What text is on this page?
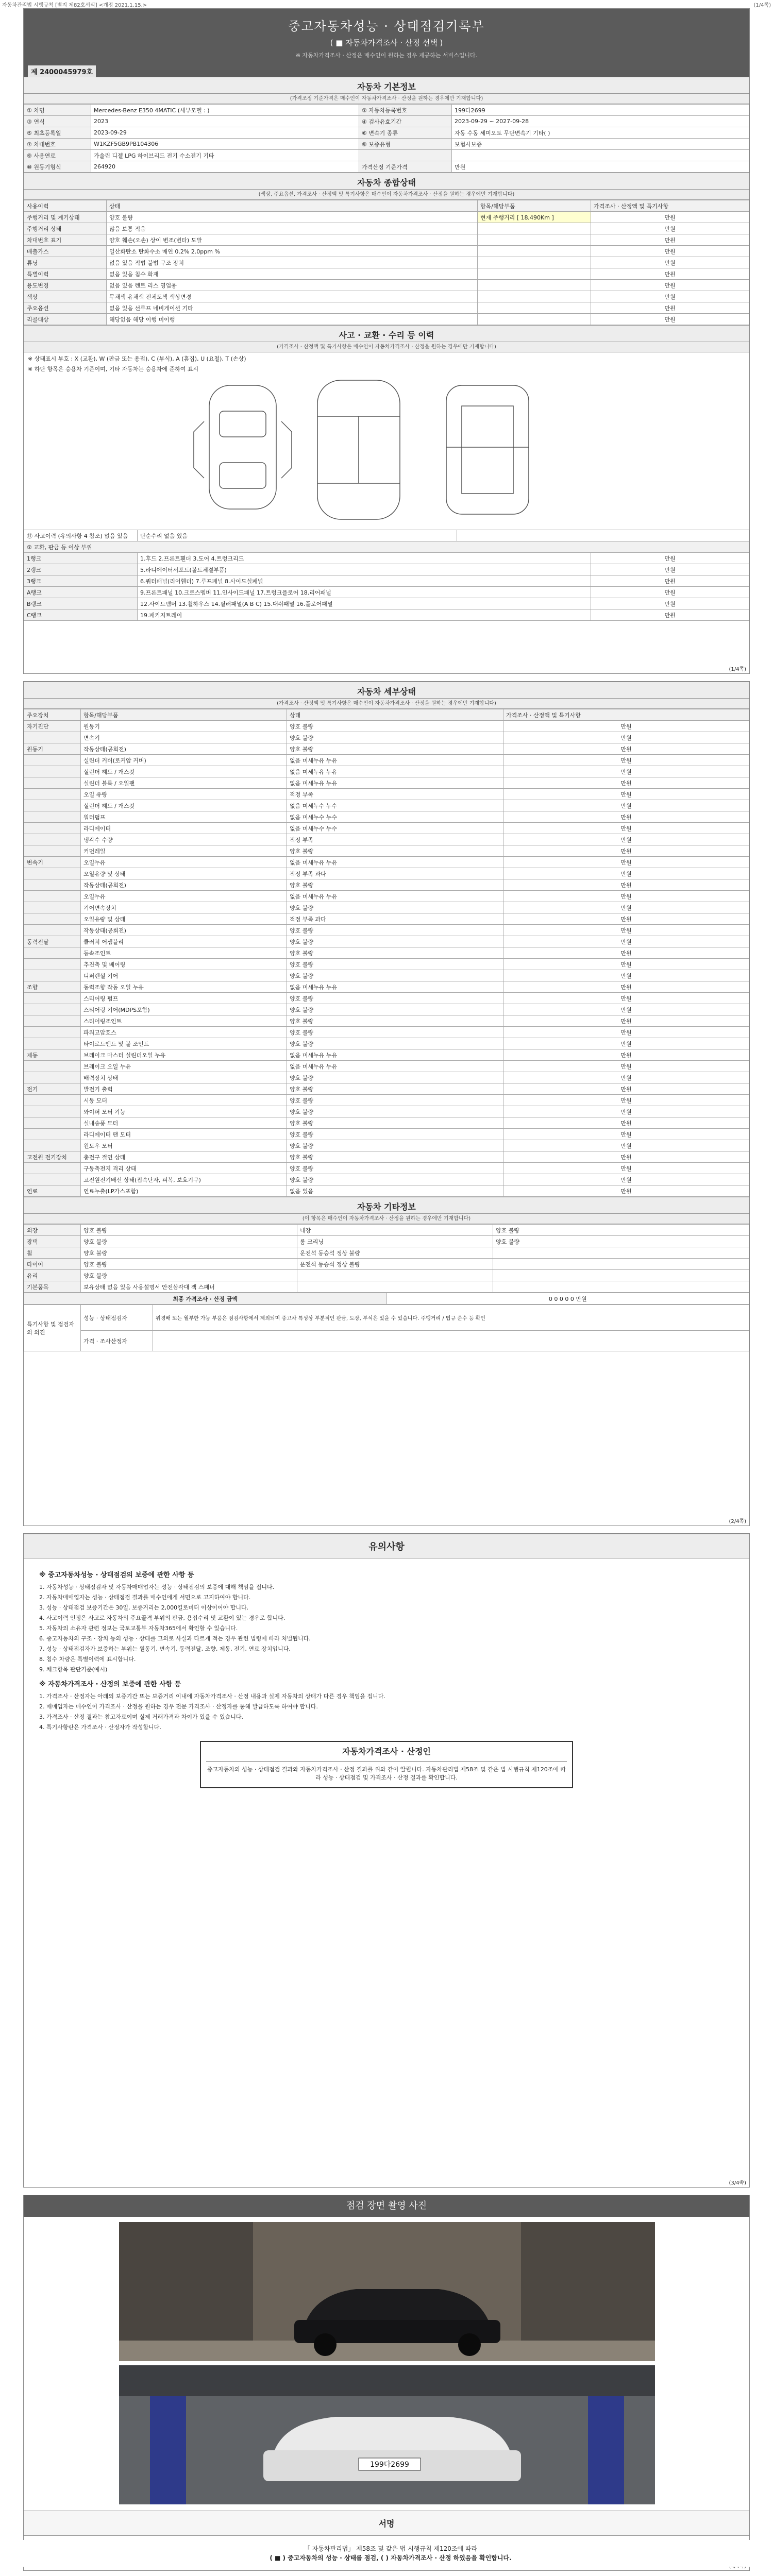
자동차관리법 시행규칙 [별지 제82호서식] <개정 2021.1.15.>	(1/4쪽)
중고자동차성능 · 상태점검기록부
( ■ 자동차가격조사 · 산정 선택 )
※ 자동차가격조사 · 산정은 매수인이 원하는 경우 제공하는 서비스입니다.
제 2400045979호
자동차 기본정보
(가격조정 기준가격은 매수인이 자동차가격조사 · 산정을 원하는 경우에만 기재합니다)
① 차명	Mercedes-Benz E350 4MATIC (세부모델 : )	② 자동차등록번호	199다2699
③ 연식	2023	④ 검사유효기간	2023-09-29 ~ 2027-09-28
⑤ 최초등록일	2023-09-29	⑥ 변속기 종류	자동 수동 세미오토 무단변속기 기타( )
⑦ 차대번호	W1KZF5GB9PB104306	⑧ 보증유형	보험사보증
⑨ 사용연료	가솔린 디젤 LPG 하이브리드 전기 수소전기 기타		
⑩ 원동기형식	264920	가격산정 기준가격	만원
자동차 종합상태
(색상, 주요옵션, 가격조사 · 산정액 및 특기사항은 매수인이 자동차가격조사 · 산정을 원하는 경우에만 기재합니다)
사용이력	상태	항목/해당부품	가격조사 · 산정액 및 특기사항
주행거리 및 계기상태	양호 불량	현재 주행거리 [ 18,490Km ]	만원
주행거리 상태	많음 보통 적음		만원
차대번호 표기	양호 훼손(오손) 상이 변조(변타) 도말		만원
배출가스	일산화탄소 탄화수소 매연 0.2% 2.0ppm %		만원
튜닝	없음 있음 적법 불법 구조 장치		만원
특별이력	없음 있음 침수 화재		만원
용도변경	없음 있음 렌트 리스 영업용		만원
색상	무채색 유채색 전체도색 색상변경		만원
주요옵션	없음 있음 선루프 네비게이션 기타		만원
리콜대상	해당없음 해당 이행 미이행		만원
사고 · 교환 · 수리 등 이력
(가격조사 · 산정액 및 특기사항은 매수인이 자동차가격조사 · 산정을 원하는 경우에만 기재합니다)
※ 상태표시 부호 : X (교환), W (판금 또는 용접), C (부식), A (흠집), U (요철), T (손상)
※ 하단 항목은 승용차 기준이며, 기타 자동차는 승용차에 준하여 표시
⑪ 사고이력 (유의사항 4 참조) 없음 있음	단순수리 없음 있음		
② 교환, 판금 등 이상 부위			
1랭크	1.후드 2.프론트휀더 3.도어 4.트렁크리드		만원
2랭크	5.라디에이터서포트(볼트체결부품)		만원
3랭크	6.쿼터패널(리어휀더) 7.루프패널 8.사이드실패널		만원
A랭크	9.프론트패널 10.크로스멤버 11.인사이드패널 17.트렁크플로어 18.리어패널		만원
B랭크	12.사이드멤버 13.휠하우스 14.필러패널(A B C) 15.대쉬패널 16.플로어패널		만원
C랭크	19.패키지트레이		만원
(1/4쪽)
자동차 세부상태
(가격조사 · 산정액 및 특기사항은 매수인이 자동차가격조사 · 산정을 원하는 경우에만 기재합니다)
주요장치	항목/해당부품	상태	가격조사 · 산정액 및 특기사항
자기진단	원동기	양호 불량	만원
	변속기	양호 불량	만원
원동기	작동상태(공회전)	양호 불량	만원
	실린더 커버(로커암 커버)	없음 미세누유 누유	만원
	실린더 헤드 / 개스킷	없음 미세누유 누유	만원
	실린더 블록 / 오일팬	없음 미세누유 누유	만원
	오일 유량	적정 부족	만원
	실린더 헤드 / 개스킷	없음 미세누수 누수	만원
	워터펌프	없음 미세누수 누수	만원
	라디에이터	없음 미세누수 누수	만원
	냉각수 수량	적정 부족	만원
	커먼레일	양호 불량	만원
변속기	오일누유	없음 미세누유 누유	만원
	오일유량 및 상태	적정 부족 과다	만원
	작동상태(공회전)	양호 불량	만원
	오일누유	없음 미세누유 누유	만원
	기어변속장치	양호 불량	만원
	오일유량 및 상태	적정 부족 과다	만원
	작동상태(공회전)	양호 불량	만원
동력전달	클러치 어셈블리	양호 불량	만원
	등속조인트	양호 불량	만원
	추진축 및 베어링	양호 불량	만원
	디퍼렌셜 기어	양호 불량	만원
조향	동력조향 작동 오일 누유	없음 미세누유 누유	만원
	스티어링 펌프	양호 불량	만원
	스티어링 기어(MDPS포함)	양호 불량	만원
	스티어링조인트	양호 불량	만원
	파워고압호스	양호 불량	만원
	타이로드엔드 및 볼 조인트	양호 불량	만원
제동	브레이크 마스터 실린더오일 누유	없음 미세누유 누유	만원
	브레이크 오일 누유	없음 미세누유 누유	만원
	배력장치 상태	양호 불량	만원
전기	발전기 출력	양호 불량	만원
	시동 모터	양호 불량	만원
	와이퍼 모터 기능	양호 불량	만원
	실내송풍 모터	양호 불량	만원
	라디에이터 팬 모터	양호 불량	만원
	윈도우 모터	양호 불량	만원
고전원 전기장치	충전구 절연 상태	양호 불량	만원
	구동축전지 격리 상태	양호 불량	만원
	고전원전기배선 상태(접속단자, 피복, 보호기구)	양호 불량	만원
연료	연료누출(LP가스포함)	없음 있음	만원
자동차 기타정보
(이 항목은 매수인이 자동차가격조사 · 산정을 원하는 경우에만 기재합니다)
외장	양호 불량	내장	양호 불량
광택	양호 불량	룸 크리닝	양호 불량
휠	양호 불량	운전석 동승석 정상 불량	
타이어	양호 불량	운전석 동승석 정상 불량	
유리	양호 불량		
기본품목	보유상태 없음 있음 사용설명서 안전삼각대 잭 스패너		
최종 가격조사 · 산정 금액	0 0 0 0 0 만원
특기사항 및 점검자의 의견	성능 · 상태점검자	위경배 또는 월부한 가능 부품은 점검사항에서 제외되며 중고차 특성상 부분적인 판금, 도장, 부식은 있을 수 있습니다. 주행거리 / 법규 준수 등 확인
	가격 · 조사산정자	
(2/4쪽)
유의사항
※ 중고자동차성능 · 상태점검의 보증에 관한 사항 등

1. 자동차성능 · 상태점검자 및 자동차매매업자는 성능 · 상태점검의 보증에 대해 책임을 집니다.

2. 자동차매매업자는 성능 · 상태점검 결과를 매수인에게 서면으로 고지하여야 합니다.

3. 성능 · 상태점검 보증기간은 30일, 보증거리는 2,000킬로미터 이상이어야 합니다.

4. 사고이력 인정은 사고로 자동차의 주요골격 부위의 판금, 용접수리 및 교환이 있는 경우로 합니다.

5. 자동차의 소유자 관련 정보는 국토교통부 자동차365에서 확인할 수 있습니다.

6. 중고자동차의 구조 · 장치 등의 성능 · 상태를 고의로 사실과 다르게 적는 경우 관련 법령에 따라 처벌됩니다.

7. 성능 · 상태점검자가 보증하는 부위는 원동기, 변속기, 동력전달, 조향, 제동, 전기, 연료 장치입니다.

8. 침수 차량은 특별이력에 표시합니다.

9. 체크항목 판단기준(예시)

※ 자동차가격조사 · 산정의 보증에 관한 사항 등

1. 가격조사 · 산정자는 아래의 보증기간 또는 보증거리 이내에 자동차가격조사 · 산정 내용과 실제 자동차의 상태가 다른 경우 책임을 집니다.

2. 매매업자는 매수인이 가격조사 · 산정을 원하는 경우 전문 가격조사 · 산정자를 통해 발급하도록 하여야 합니다.

3. 가격조사 · 산정 결과는 참고자료이며 실제 거래가격과 차이가 있을 수 있습니다.

4. 특기사항란은 가격조사 · 산정자가 작성합니다.

자동차가격조사 · 산정인
중고자동차의 성능 · 상태점검 결과와 자동차가격조사 · 산정 결과를 위와 같이 알립니다. 자동차관리법 제58조 및 같은 법 시행규칙 제120조에 따라 성능 · 상태점검 및 가격조사 · 산정 결과를 확인합니다.
(3/4쪽)
점검 장면 촬영 사진
199다2699
서명
「 자동차관리법」 제58조 및 같은 법 시행규칙 제120조에 따라
( ■ ) 중고자동차의 성능 · 상태를 점검, ( ) 자동차가격조사 · 산정 하였음을 확인합니다.
